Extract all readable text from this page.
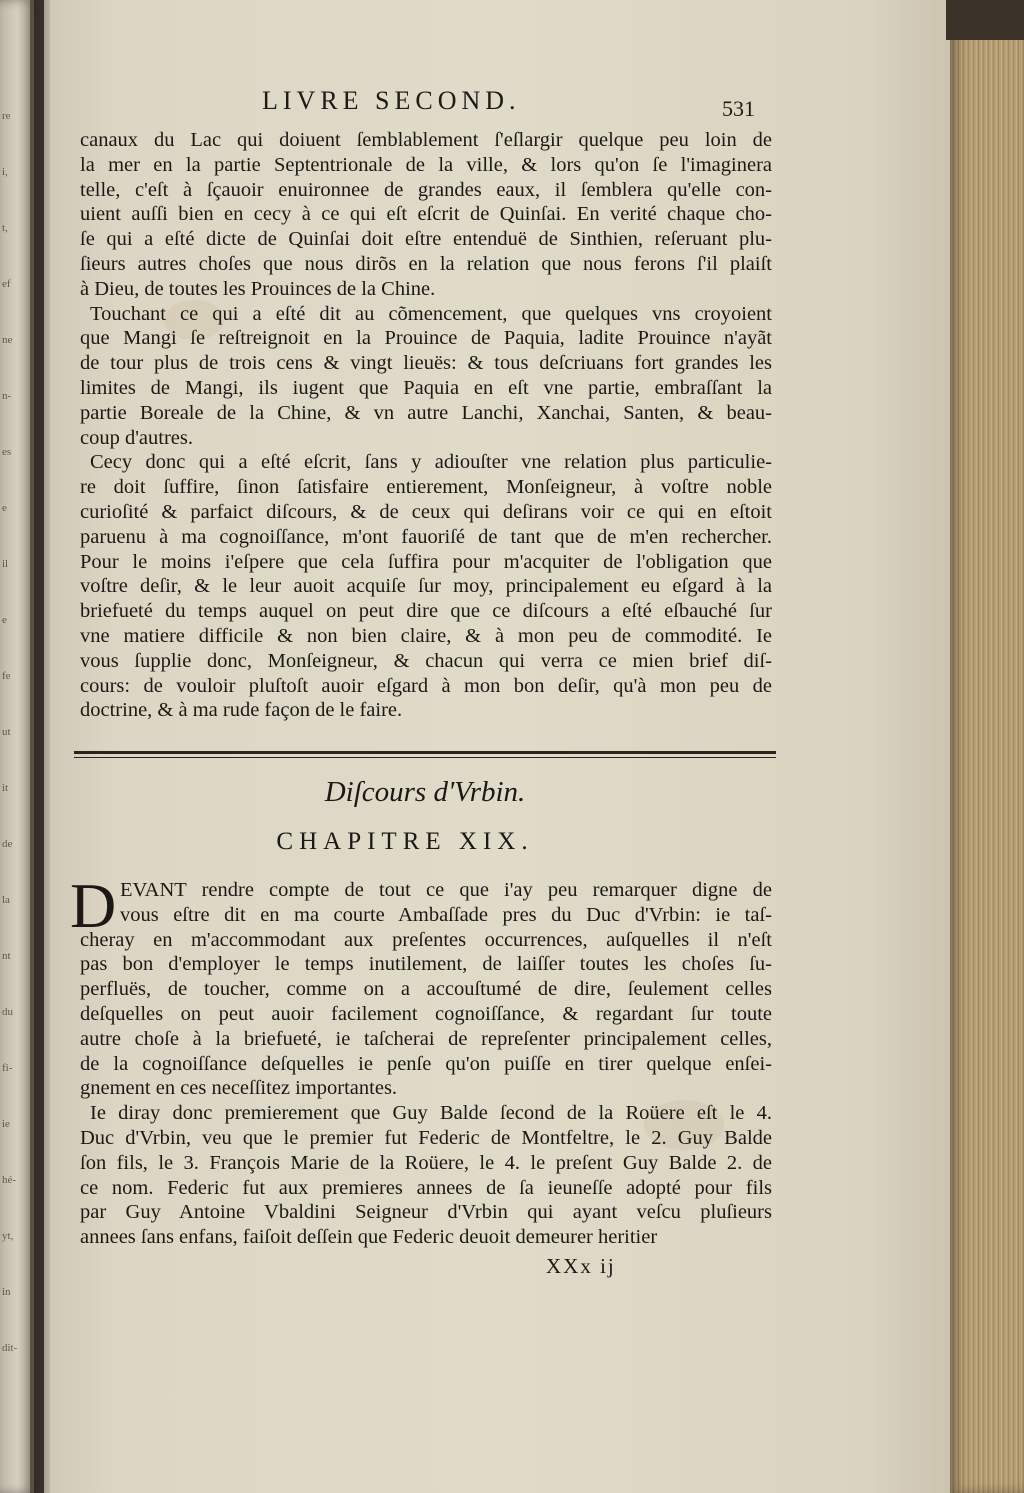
re
i,
t,
ef
ne
n-
es
e
il
e
fe
ut
it
de
la
nt
du
fi-
ie
hé-
yt,
in
dit-
LIVRE SECOND.	531
canaux du Lac qui doiuent ſemblablement ſ'eſlargir quelque peu loin de
la mer en la partie Septentrionale de la ville, & lors qu'on ſe l'imaginera
telle, c'eſt à ſçauoir enuironnee de grandes eaux, il ſemblera qu'elle con-
uient auſſi bien en cecy à ce qui eſt eſcrit de Quinſai. En verité chaque cho-
ſe qui a eſté dicte de Quinſai doit eſtre entenduë de Sinthien, reſeruant plu-
ſieurs autres choſes que nous dirõs en la relation que nous ferons ſ'il plaiſt
à Dieu, de toutes les Prouinces de la Chine.
Touchant ce qui a eſté dit au cõmencement, que quelques vns croyoient
que Mangi ſe reſtreignoit en la Prouince de Paquia, ladite Prouince n'ayãt
de tour plus de trois cens & vingt lieuës: & tous deſcriuans fort grandes les
limites de Mangi, ils iugent que Paquia en eſt vne partie, embraſſant la
partie Boreale de la Chine, & vn autre Lanchi, Xanchai, Santen, & beau-
coup d'autres.
Cecy donc qui a eſté eſcrit, ſans y adiouſter vne relation plus particulie-
re doit ſuffire, ſinon ſatisfaire entierement, Monſeigneur, à voſtre noble
curioſité & parfaict diſcours, & de ceux qui deſirans voir ce qui en eſtoit
paruenu à ma cognoiſſance, m'ont fauoriſé de tant que de m'en rechercher.
Pour le moins i'eſpere que cela ſuffira pour m'acquiter de l'obligation que
voſtre deſir, & le leur auoit acquiſe ſur moy, principalement eu eſgard à la
briefueté du temps auquel on peut dire que ce diſcours a eſté eſbauché ſur
vne matiere difficile & non bien claire, & à mon peu de commodité. Ie
vous ſupplie donc, Monſeigneur, & chacun qui verra ce mien brief diſ-
cours: de vouloir pluſtoſt auoir eſgard à mon bon deſir, qu'à mon peu de
doctrine, & à ma rude façon de le faire.
Diſcours d'Vrbin.
CHAPITRE XIX.
D EVANT rendre compte de tout ce que i'ay peu remarquer digne de
vous eſtre dit en ma courte Ambaſſade pres du Duc d'Vrbin: ie taſ-
cheray en m'accommodant aux preſentes occurrences, auſquelles il n'eſt
pas bon d'employer le temps inutilement, de laiſſer toutes les choſes ſu-
perfluës, de toucher, comme on a accouſtumé de dire, ſeulement celles
deſquelles on peut auoir facilement cognoiſſance, & regardant ſur toute
autre choſe à la briefueté, ie taſcherai de repreſenter principalement celles,
de la cognoiſſance deſquelles ie penſe qu'on puiſſe en tirer quelque enſei-
gnement en ces neceſſitez importantes.
Ie diray donc premierement que Guy Balde ſecond de la Roüere eſt le 4.
Duc d'Vrbin, veu que le premier fut Federic de Montfeltre, le 2. Guy Balde
ſon fils, le 3. François Marie de la Roüere, le 4. le preſent Guy Balde 2. de
ce nom. Federic fut aux premieres annees de ſa ieuneſſe adopté pour fils
par Guy Antoine Vbaldini Seigneur d'Vrbin qui ayant veſcu pluſieurs
annees ſans enfans, faiſoit deſſein que Federic deuoit demeurer heritier
XXx ij
